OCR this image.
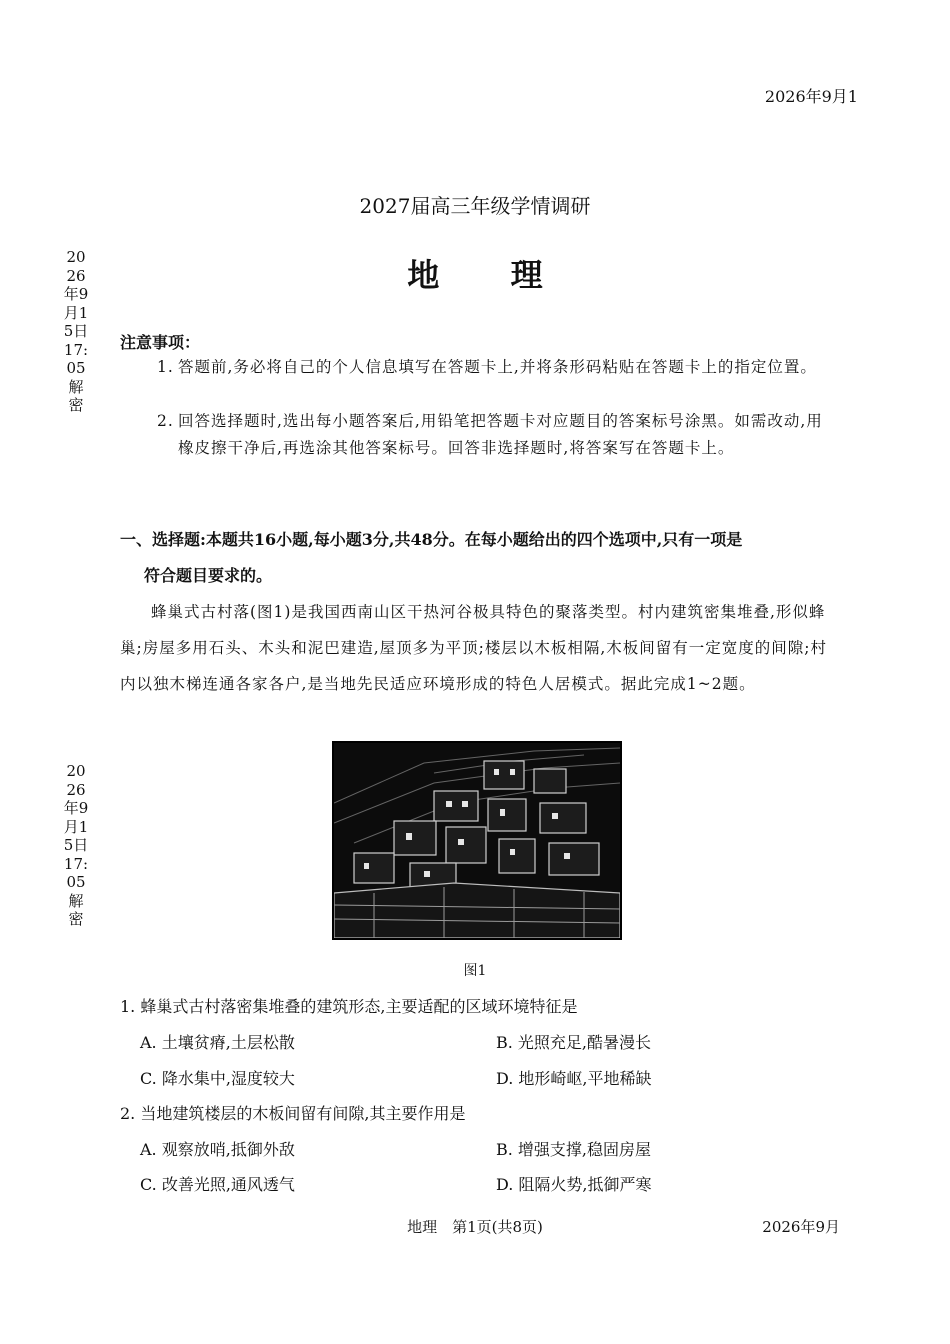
2026年9月1
2027届高三年级学情调研
地 理
2026年9月15日17:05解密
2026年9月15日17:05解密
注意事项：
1. 答题前,务必将自己的个人信息填写在答题卡上,并将条形码粘贴在答题卡上的指定位置。
2. 回答选择题时,选出每小题答案后,用铅笔把答题卡对应题目的答案标号涂黑。如需改动,用橡皮擦干净后,再选涂其他答案标号。回答非选择题时,将答案写在答题卡上。
一、选择题:本题共16小题,每小题3分,共48分。在每小题给出的四个选项中,只有一项是
符合题目要求的。
蜂巢式古村落(图1)是我国西南山区干热河谷极具特色的聚落类型。村内建筑密集堆叠,形似蜂巢;房屋多用石头、木头和泥巴建造,屋顶多为平顶;楼层以木板相隔,木板间留有一定宽度的间隙;村内以独木梯连通各家各户,是当地先民适应环境形成的特色人居模式。据此完成1~2题。
图1
1. 蜂巢式古村落密集堆叠的建筑形态,主要适配的区域环境特征是
A. 土壤贫瘠,土层松散	B. 光照充足,酷暑漫长
C. 降水集中,湿度较大	D. 地形崎岖,平地稀缺
2. 当地建筑楼层的木板间留有间隙,其主要作用是
A. 观察放哨,抵御外敌	B. 增强支撑,稳固房屋
C. 改善光照,通风透气	D. 阻隔火势,抵御严寒
地理　第1页(共8页)	2026年9月
